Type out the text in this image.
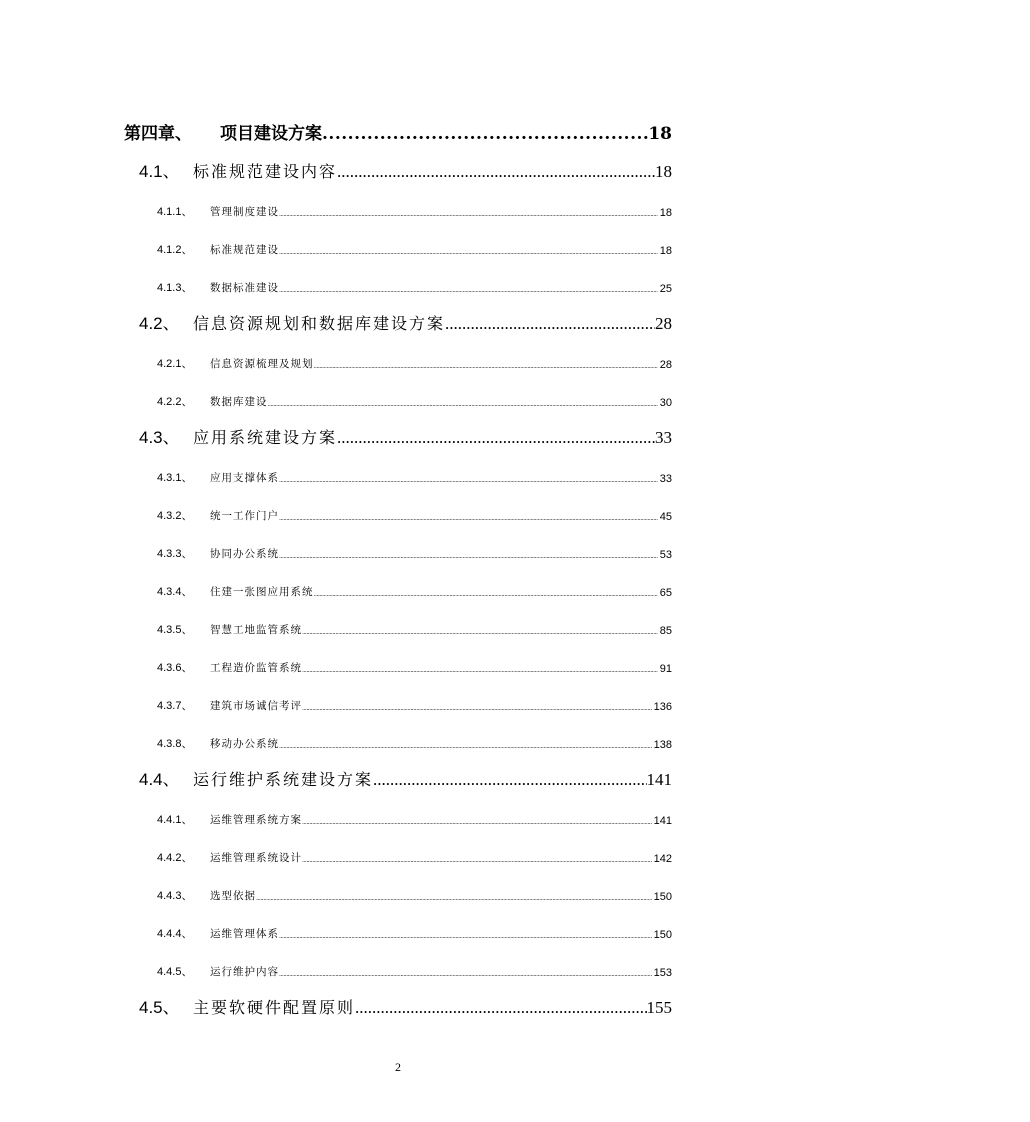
第四章、	项目建设方案 .....	18
4.1、 标准规范建设内容 .....	18
4.1.1、	管理制度建设 .....	18
4.1.2、	标准规范建设 .....	18
4.1.3、	数据标准建设 .....	25
4.2、 信息资源规划和数据库建设方案 .....	28
4.2.1、	信息资源梳理及规划 .....	28
4.2.2、	数据库建设 .....	30
4.3、 应用系统建设方案 .....	33
4.3.1、	应用支撑体系 .....	33
4.3.2、	统一工作门户 .....	45
4.3.3、	协同办公系统 .....	53
4.3.4、	住建一张图应用系统 .....	65
4.3.5、	智慧工地监管系统 .....	85
4.3.6、	工程造价监管系统 .....	91
4.3.7、	建筑市场诚信考评 .....	136
4.3.8、	移动办公系统 .....	138
4.4、 运行维护系统建设方案 .....	141
4.4.1、	运维管理系统方案 .....	141
4.4.2、	运维管理系统设计 .....	142
4.4.3、	选型依据 .....	150
4.4.4、	运维管理体系 .....	150
4.4.5、	运行维护内容 .....	153
4.5、 主要软硬件配置原则 .....	155
2
